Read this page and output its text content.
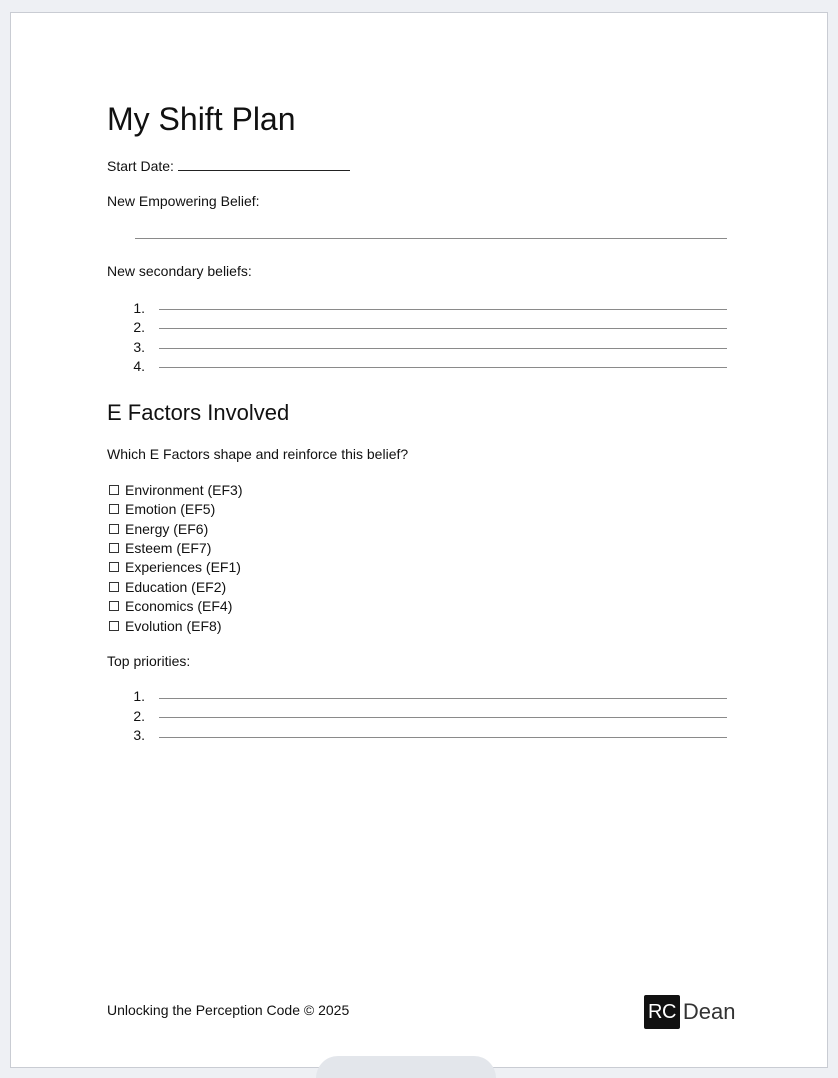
My Shift Plan
Start Date:
New Empowering Belief:
New secondary beliefs:
1.
2.
3.
4.
E Factors Involved
Which E Factors shape and reinforce this belief?
Environment (EF3)
Emotion (EF5)
Energy (EF6)
Esteem (EF7)
Experiences (EF1)
Education (EF2)
Economics (EF4)
Evolution (EF8)
Top priorities:
1.
2.
3.
Unlocking the Perception Code © 2025	RC Dean
